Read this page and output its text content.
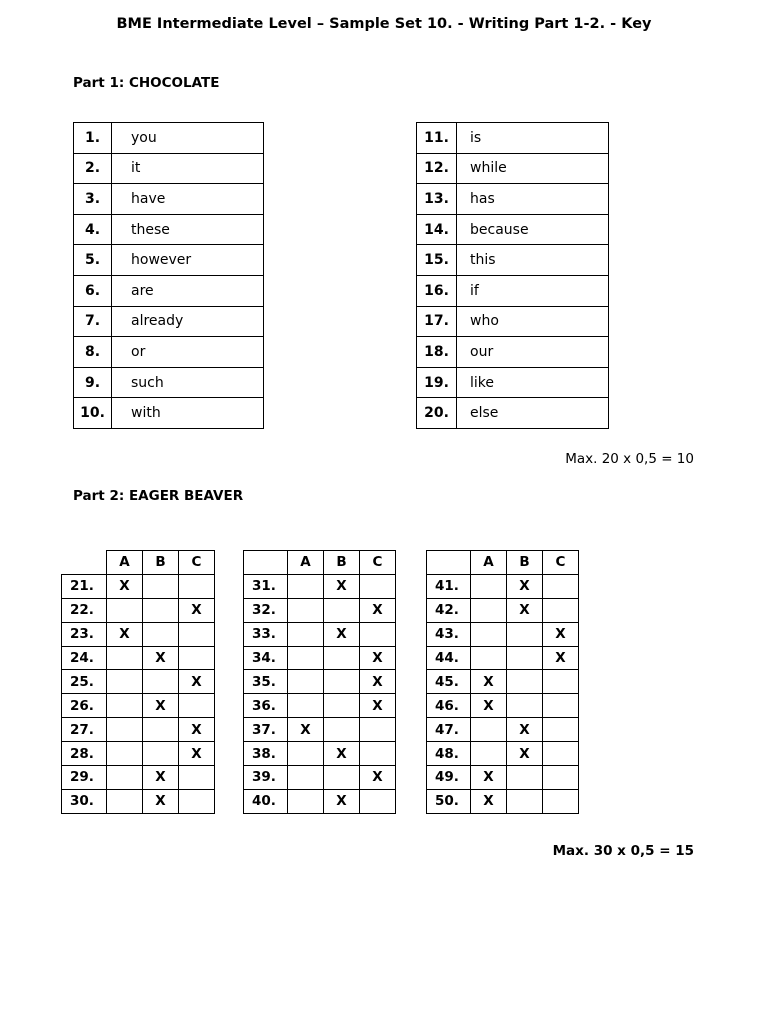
BME Intermediate Level – Sample Set 10. - Writing Part 1-2. - Key
Part 1: CHOCOLATE
1.	you
2.	it
3.	have
4.	these
5.	however
6.	are
7.	already
8.	or
9.	such
10.	with
11.	is
12.	while
13.	has
14.	because
15.	this
16.	if
17.	who
18.	our
19.	like
20.	else
Max. 20 x 0,5 = 10
Part 2: EAGER BEAVER
	A	B	C
21.	X		
22.			X
23.	X		
24.		X	
25.			X
26.		X	
27.			X
28.			X
29.		X	
30.		X	
	A	B	C
31.		X	
32.			X
33.		X	
34.			X
35.			X
36.			X
37.	X		
38.		X	
39.			X
40.		X	
	A	B	C
41.		X	
42.		X	
43.			X
44.			X
45.	X		
46.	X		
47.		X	
48.		X	
49.	X		
50.	X		
Max. 30 x 0,5 = 15
